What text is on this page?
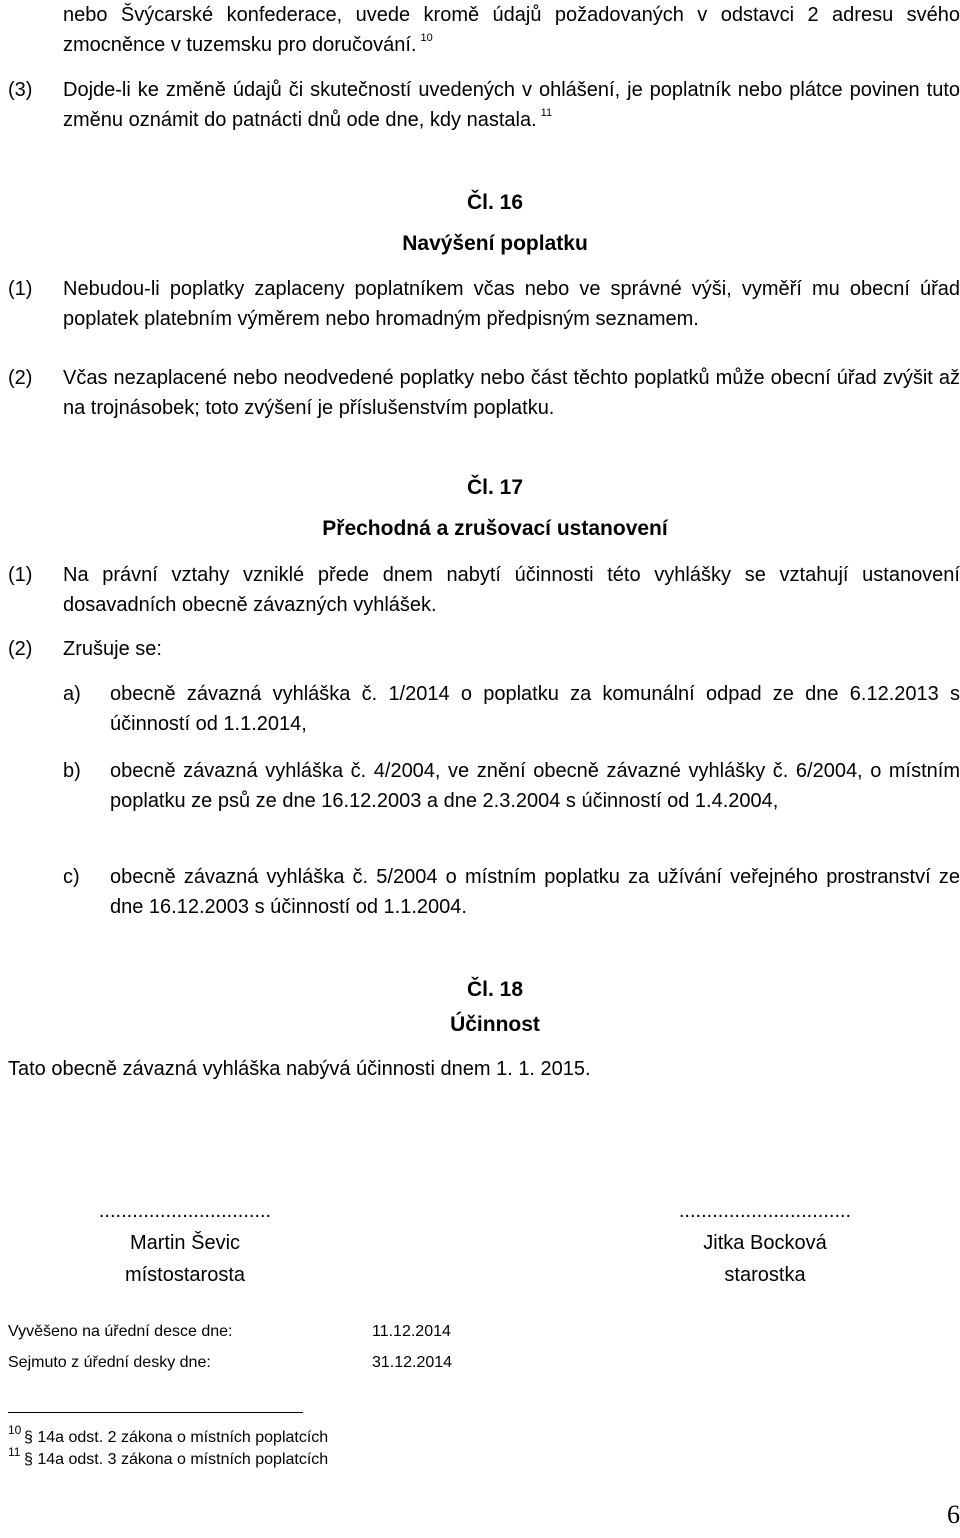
nebo Švýcarské konfederace, uvede kromě údajů požadovaných v odstavci 2 adresu svého zmocněnce v tuzemsku pro doručování. $^{10}$
(3) Dojde-li ke změně údajů či skutečností uvedených v ohlášení, je poplatník nebo plátce povinen tuto změnu oznámit do patnácti dnů ode dne, kdy nastala. $^{11}$
Čl. 16
Navýšení poplatku
(1) Nebudou-li poplatky zaplaceny poplatníkem včas nebo ve správné výši, vyměří mu obecní úřad poplatek platebním výměrem nebo hromadným předpisným seznamem.
(2) Včas nezaplacené nebo neodvedené poplatky nebo část těchto poplatků může obecní úřad zvýšit až na trojnásobek; toto zvýšení je příslušenstvím poplatku.
Čl. 17
Přechodná a zrušovací ustanovení
(1) Na právní vztahy vzniklé přede dnem nabytí účinnosti této vyhlášky se vztahují ustanovení dosavadních obecně závazných vyhlášek.
(2) Zrušuje se:
a) obecně závazná vyhláška č. 1/2014 o poplatku za komunální odpad ze dne 6.12.2013 s účinností od 1.1.2014,
b) obecně závazná vyhláška č. 4/2004, ve znění obecně závazné vyhlášky č. 6/2004, o místním poplatku ze psů ze dne 16.12.2003 a dne 2.3.2004 s účinností od 1.4.2004,
c) obecně závazná vyhláška č. 5/2004 o místním poplatku za užívání veřejného prostranství ze dne 16.12.2003 s účinností od 1.1.2004.
Čl. 18
Účinnost
Tato obecně závazná vyhláška nabývá účinnosti dnem 1. 1. 2015.
...............................
Martin Ševic
místostarosta
...............................
Jitka Bocková
starostka
Vyvěšeno na úřední desce dne:	11.12.2014
Sejmuto z úřední desky dne:	31.12.2014
10 § 14a odst. 2 zákona o místních poplatcích
11 § 14a odst. 3 zákona o místních poplatcích
6
